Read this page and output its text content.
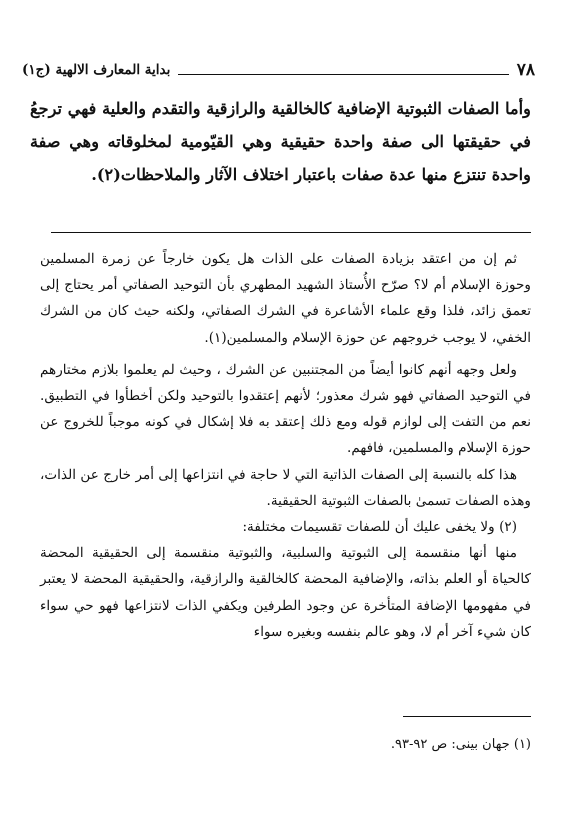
٧٨
بداية المعارف الالهية (ج١)

وأما الصفات الثبوتية الإضافية كالخالقية والرازقية والتقدم والعلية فهي ترجعُ في حقيقتها الى صفة واحدة حقيقية وهي القيّومية لمخلوقاته وهي صفة واحدة تنتزع منها عدة صفات باعتبار اختلاف الآثار والملاحظات(٢).

ثم إن من اعتقد بزيادة الصفات على الذات هل يكون خارجاً عن زمرة المسلمين وحوزة الإسلام أم لا؟ صرّح الأُستاذ الشهيد المطهري بأن التوحيد الصفاتي أمر يحتاج إلى تعمق زائد، فلذا وقع علماء الأشاعرة في الشرك الصفاتي، ولكنه حيث كان من الشرك الخفي، لا يوجب خروجهم عن حوزة الإسلام والمسلمين(١).

ولعل وجهه أنهم كانوا أيضاً من المجتنبين عن الشرك ، وحيث لم يعلموا بلازم مختارهم في التوحيد الصفاتي فهو شرك معذور؛ لأنهم إعتقدوا بالتوحيد ولكن أخطأوا في التطبيق. نعم من التفت إلى لوازم قوله ومع ذلك إعتقد به فلا إشكال في كونه موجباً للخروج عن حوزة الإسلام والمسلمين، فافهم.

هذا كله بالنسبة إلى الصفات الذاتية التي لا حاجة في انتزاعها إلى أمر خارج عن الذات، وهذه الصفات تسمىٰ بالصفات الثبوتية الحقيقية.

(٢) ولا يخفى عليك أن للصفات تقسيمات مختلفة:

منها أنها منقسمة إلى الثبوتية والسلبية، والثبوتية منقسمة إلى الحقيقية المحضة كالحياة أو العلم بذاته، والإضافية المحضة كالخالقية والرازقية، والحقيقية المحضة لا يعتبر في مفهومها الإضافة المتأخرة عن وجود الطرفين ويكفي الذات لانتزاعها فهو حي سواء كان شيء آخر أم لا، وهو عالم بنفسه وبغيره سواء

(١) جهان بينى: ص ٩٢-٩٣.
